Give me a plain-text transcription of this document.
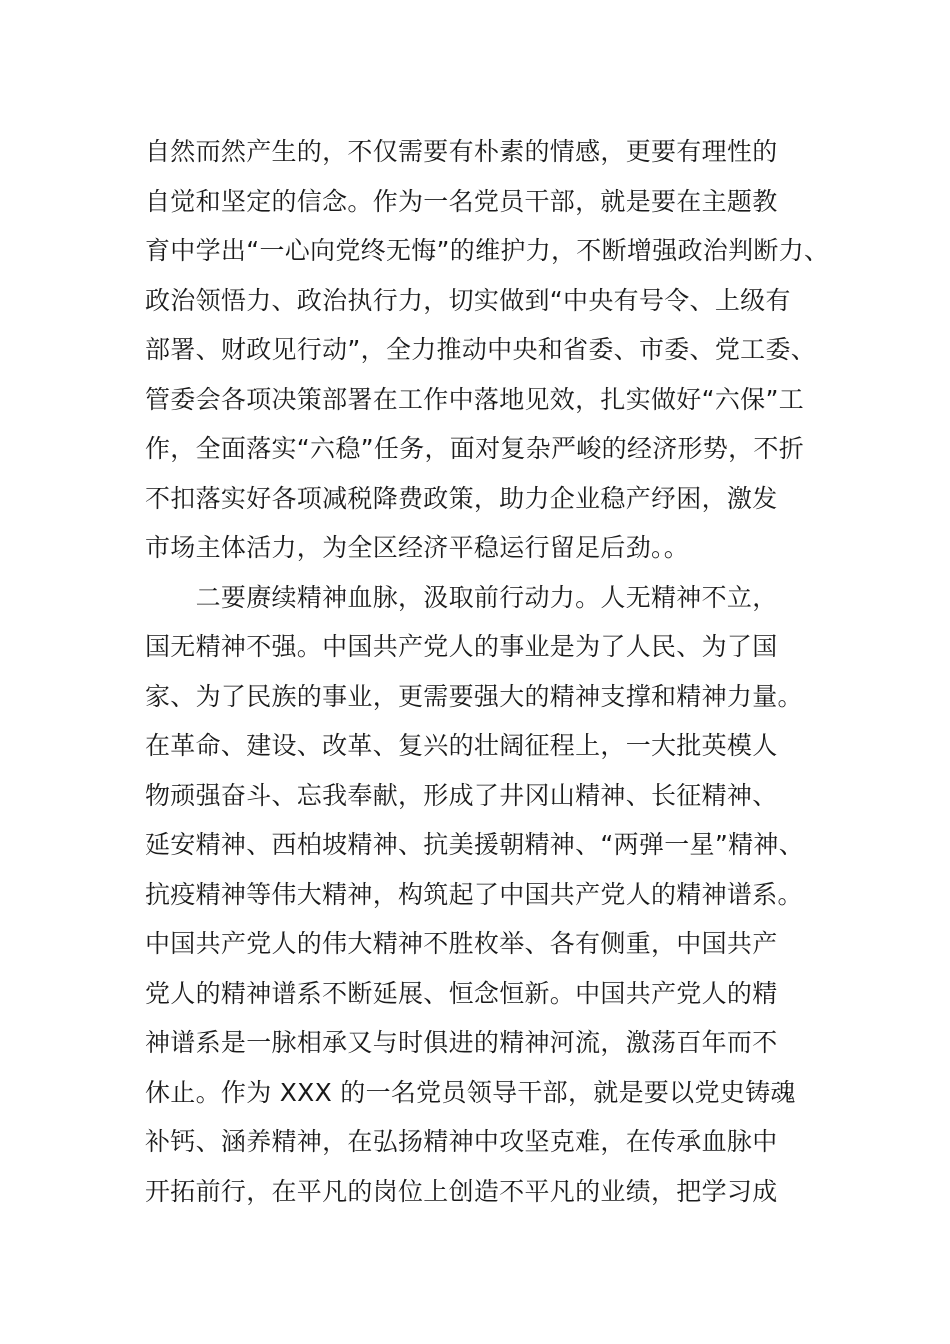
自然而然产生的，不仅需要有朴素的情感，更要有理性的
自觉和坚定的信念。作为一名党员干部，就是要在主题教
育中学出“一心向党终无悔”的维护力，不断增强政治判断力、
政治领悟力、政治执行力，切实做到“中央有号令、上级有
部署、财政见行动”，全力推动中央和省委、市委、党工委、
管委会各项决策部署在工作中落地见效，扎实做好“六保”工
作，全面落实“六稳”任务，面对复杂严峻的经济形势，不折
不扣落实好各项减税降费政策，助力企业稳产纾困，激发
市场主体活力，为全区经济平稳运行留足后劲。。
　　二要赓续精神血脉，汲取前行动力。人无精神不立，
国无精神不强。中国共产党人的事业是为了人民、为了国
家、为了民族的事业，更需要强大的精神支撑和精神力量。
在革命、建设、改革、复兴的壮阔征程上，一大批英模人
物顽强奋斗、忘我奉献，形成了井冈山精神、长征精神、
延安精神、西柏坡精神、抗美援朝精神、“两弹一星”精神、
抗疫精神等伟大精神，构筑起了中国共产党人的精神谱系。
中国共产党人的伟大精神不胜枚举、各有侧重，中国共产
党人的精神谱系不断延展、恒念恒新。中国共产党人的精
神谱系是一脉相承又与时俱进的精神河流，激荡百年而不
休止。作为 XXX 的一名党员领导干部，就是要以党史铸魂
补钙、涵养精神，在弘扬精神中攻坚克难，在传承血脉中
开拓前行，在平凡的岗位上创造不平凡的业绩，把学习成
